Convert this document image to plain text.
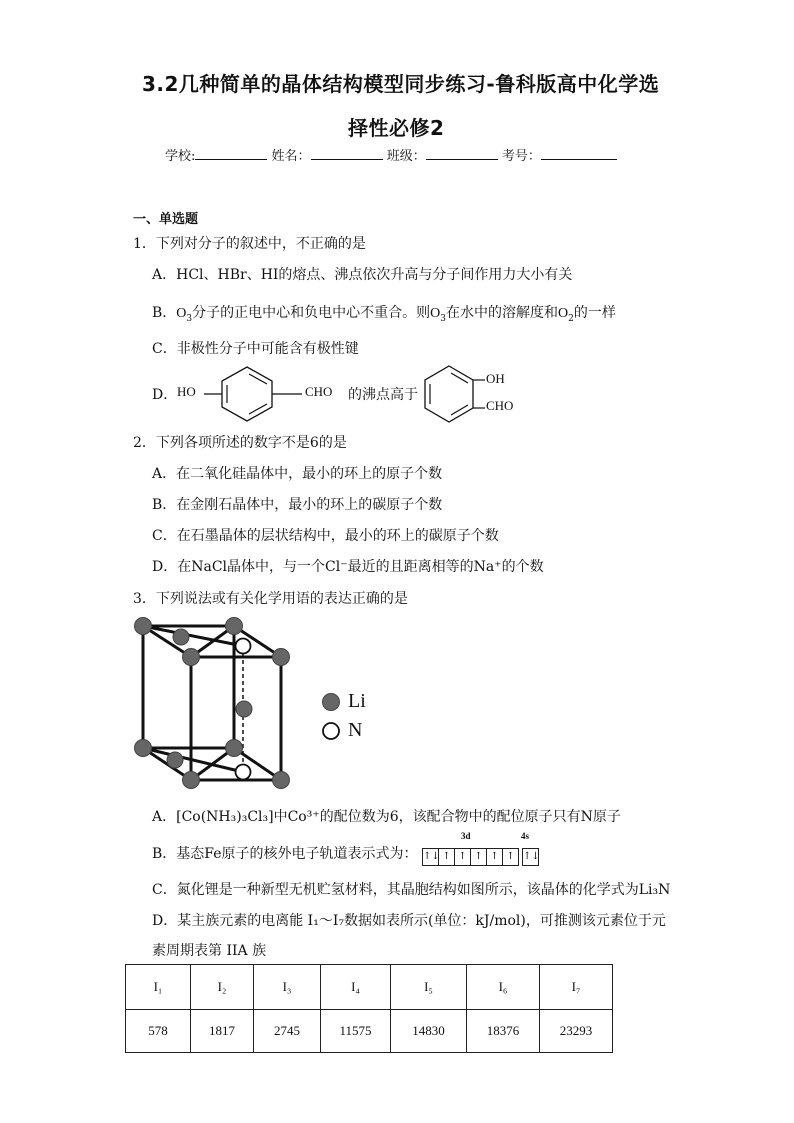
3.2几种简单的晶体结构模型同步练习-鲁科版高中化学选
择性必修2
学校:	姓名：	班级：	考号：
一、单选题
1．下列对分子的叙述中，不正确的是
A．HCl、HBr、HI的熔点、沸点依次升高与分子间作用力大小有关
B．$O_3$分子的正电中心和负电中心不重合。则$O_3$在水中的溶解度和$O_2$的一样
C．非极性分子中可能含有极性键
D． HO	CHO 的沸点高于
OH
CHO
2．下列各项所述的数字不是6的是
A．在二氧化硅晶体中，最小的环上的原子个数
B．在金刚石晶体中，最小的环上的碳原子个数
C．在石墨晶体的层状结构中，最小的环上的碳原子个数
D．在NaCl晶体中，与一个Cl⁻最近的且距离相等的Na⁺的个数
3．下列说法或有关化学用语的表达正确的是
Li
N
A．[Co(NH₃)₃Cl₃]中Co³⁺的配位数为6，该配合物中的配位原子只有N原子
B．基态Fe原子的核外电子轨道表示式为：
3d	4s
↑↓ ↑ ↑ ↑ ↑ ↑ ↑↓
C．氮化锂是一种新型无机贮氢材料，其晶胞结构如图所示，该晶体的化学式为Li₃N
D．某主族元素的电离能 I₁～I₇数据如表所示(单位：kJ/mol)，可推测该元素位于元
素周期表第 IIA 族
I₁	I₂	I₃	I₄	I₅	I₆	I₇
578	1817	2745	11575	14830	18376	23293
